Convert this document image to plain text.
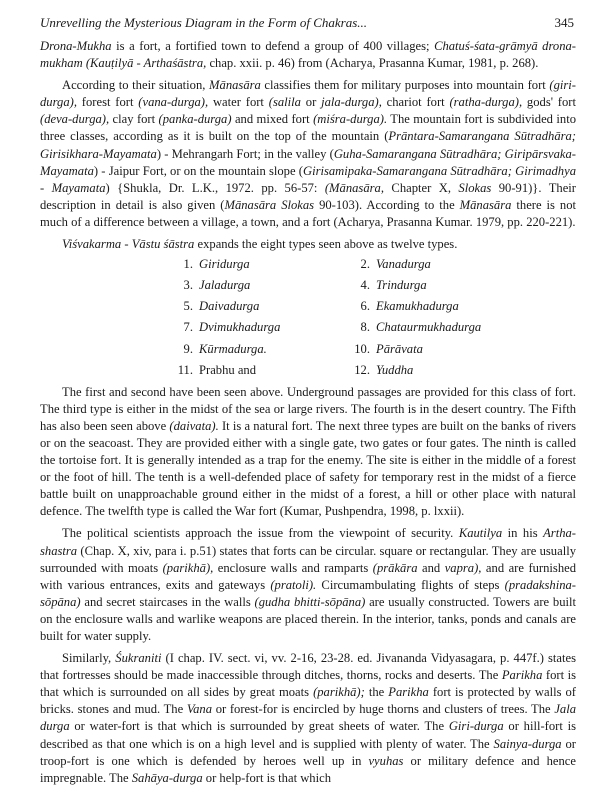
Unrevelling the Mysterious Diagram in the Form of Chakras...	345

Drona-Mukha is a fort, a fortified town to defend a group of 400 villages; Chatuś-śata-grāmyā drona-mukham (Kauṭilyā - Arthaśāstra, chap. xxii. p. 46) from (Acharya, Prasanna Kumar, 1981, p. 268).

According to their situation, Mānasāra classifies them for military purposes into mountain fort (giri-durga), forest fort (vana-durga), water fort (salila or jala-durga), chariot fort (ratha-durga), gods' fort (deva-durga), clay fort (panka-durga) and mixed fort (miśra-durga). The mountain fort is subdivided into three classes, according as it is built on the top of the mountain (Prāntara-Samarangana Sūtradhāra; Girisikhara-Mayamata) - Mehrangarh Fort; in the valley (Guha-Samarangana Sūtradhāra; Giripārsvaka- Mayamata) - Jaipur Fort, or on the mountain slope (Girisamipaka-Samarangana Sūtradhāra; Girimadhya - Mayamata) {Shukla, Dr. L.K., 1972. pp. 56-57: (Mānasāra, Chapter X, Slokas 90-91)}. Their description in detail is also given (Mānasāra Slokas 90-103). According to the Mānasāra there is not much of a difference between a village, a town, and a fort (Acharya, Prasanna Kumar. 1979, pp. 220-221).

Viśvakarma - Vāstu śāstra expands the eight types seen above as twelve types.

1. Giridurga	2. Vanadurga
3. Jaladurga	4. Trindurga
5. Daivadurga	6. Ekamukhadurga
7. Dvimukhadurga	8. Chataurmukhadurga
9. Kūrmadurga.	10. Pārāvata
11. Prabhu and	12. Yuddha

The first and second have been seen above. Underground passages are provided for this class of fort. The third type is either in the midst of the sea or large rivers. The fourth is in the desert country. The Fifth has also been seen above (daivata). It is a natural fort. The next three types are built on the banks of rivers or on the seacoast. They are provided either with a single gate, two gates or four gates. The ninth is called the tortoise fort. It is generally intended as a trap for the enemy. The site is either in the middle of a forest or the foot of hill. The tenth is a well-defended place of safety for temporary rest in the midst of a fierce battle built on unapproachable ground either in the midst of a forest, a hill or other place with natural defence. The twelfth type is called the War fort (Kumar, Pushpendra, 1998, p. lxxii).

The political scientists approach the issue from the viewpoint of security. Kautilya in his Artha-shastra (Chap. X, xiv, para i. p.51) states that forts can be circular. square or rectangular. They are usually surrounded with moats (parikhā), enclosure walls and ramparts (prākāra and vapra), and are furnished with various entrances, exits and gateways (pratoli). Circumambulating flights of steps (pradakshina-sōpāna) and secret staircases in the walls (gudha bhitti-sōpāna) are usually constructed. Towers are built on the enclosure walls and warlike weapons are placed therein. In the interior, tanks, ponds and canals are built for water supply.

Similarly, Śukraniti (I chap. IV. sect. vi, vv. 2-16, 23-28. ed. Jivananda Vidyasagara, p. 447f.) states that fortresses should be made inaccessible through ditches, thorns, rocks and deserts. The Parikha fort is that which is surrounded on all sides by great moats (parikhā); the Parikha fort is protected by walls of bricks. stones and mud. The Vana or forest-for is encircled by huge thorns and clusters of trees. The Jala durga or water-fort is that which is surrounded by great sheets of water. The Giri-durga or hill-fort is described as that one which is on a high level and is supplied with plenty of water. The Sainya-durga or troop-fort is one which is defended by heroes well up in vyuhas or military defence and hence impregnable. The Sahāya-durga or help-fort is that which
